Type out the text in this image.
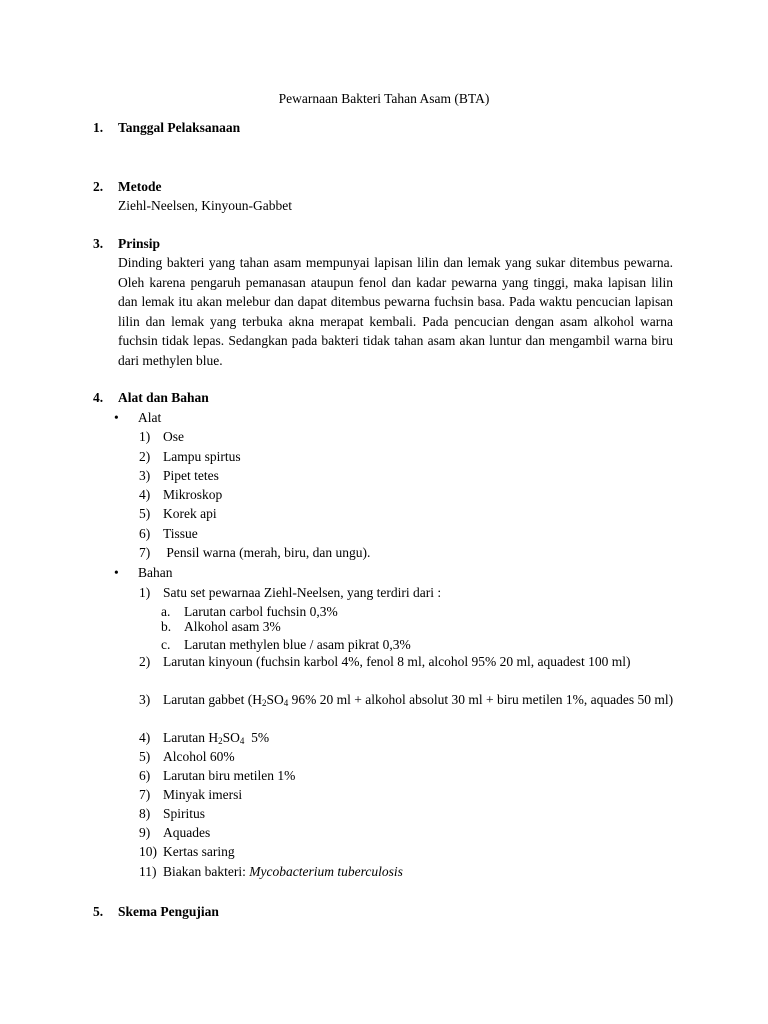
Pewarnaan Bakteri Tahan Asam (BTA)
1. Tanggal Pelaksanaan
2. Metode
Ziehl-Neelsen, Kinyoun-Gabbet
3. Prinsip
Dinding bakteri yang tahan asam mempunyai lapisan lilin dan lemak yang sukar ditembus pewarna. Oleh karena pengaruh pemanasan ataupun fenol dan kadar pewarna yang tinggi, maka lapisan lilin dan lemak itu akan melebur dan dapat ditembus pewarna fuchsin basa. Pada waktu pencucian lapisan lilin dan lemak yang terbuka akna merapat kembali. Pada pencucian dengan asam alkohol warna fuchsin tidak lepas. Sedangkan pada bakteri tidak tahan asam akan luntur dan mengambil warna biru dari methylen blue.
4. Alat dan Bahan
• Alat
1) Ose
2) Lampu spirtus
3) Pipet tetes
4) Mikroskop
5) Korek api
6) Tissue
7) Pensil warna (merah, biru, dan ungu).
• Bahan
1) Satu set pewarnaa Ziehl-Neelsen, yang terdiri dari :
a. Larutan carbol fuchsin 0,3%
b. Alkohol asam 3%
c. Larutan methylen blue / asam pikrat 0,3%
2) Larutan kinyoun (fuchsin karbol 4%, fenol 8 ml, alcohol 95% 20 ml, aquadest 100 ml)
3) Larutan gabbet ($H_2SO_4$ 96% 20 ml + alkohol absolut 30 ml + biru metilen 1%, aquades 50 ml)
4) Larutan $H_2SO_4$  5%
5) Alcohol 60%
6) Larutan biru metilen 1%
7) Minyak imersi
8) Spiritus
9) Aquades
10) Kertas saring
11) Biakan bakteri: Mycobacterium tuberculosis
5. Skema Pengujian
